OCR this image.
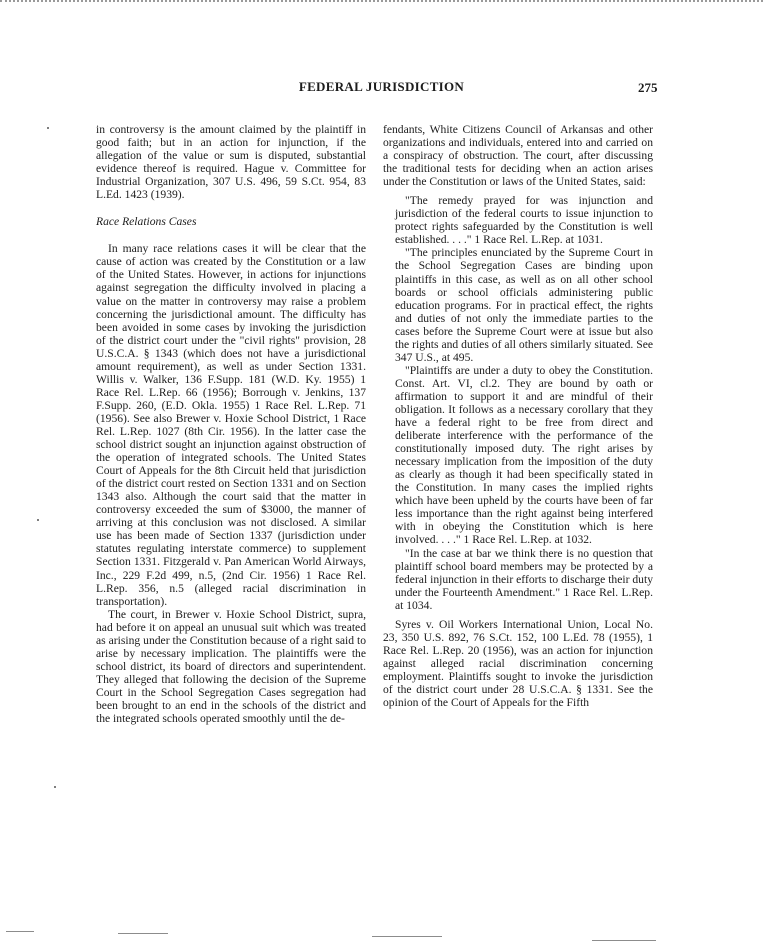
FEDERAL JURISDICTION	275

in controversy is the amount claimed by the plaintiff in good faith; but in an action for injunction, if the allegation of the value or sum is disputed, substantial evidence thereof is required. Hague v. Committee for Industrial Organization, 307 U.S. 496, 59 S.Ct. 954, 83 L.Ed. 1423 (1939).

Race Relations Cases

In many race relations cases it will be clear that the cause of action was created by the Constitution or a law of the United States. However, in actions for injunctions against segregation the difficulty involved in placing a value on the matter in controversy may raise a problem concerning the jurisdictional amount. The difficulty has been avoided in some cases by invoking the jurisdiction of the district court under the "civil rights" provision, 28 U.S.C.A. § 1343 (which does not have a jurisdictional amount requirement), as well as under Section 1331. Willis v. Walker, 136 F.Supp. 181 (W.D. Ky. 1955) 1 Race Rel. L.Rep. 66 (1956); Borrough v. Jenkins, 137 F.Supp. 260, (E.D. Okla. 1955) 1 Race Rel. L.Rep. 71 (1956). See also Brewer v. Hoxie School District, 1 Race Rel. L.Rep. 1027 (8th Cir. 1956). In the latter case the school district sought an injunction against obstruction of the operation of integrated schools. The United States Court of Appeals for the 8th Circuit held that jurisdiction of the district court rested on Section 1331 and on Section 1343 also. Although the court said that the matter in controversy exceeded the sum of $3000, the manner of arriving at this conclusion was not disclosed. A similar use has been made of Section 1337 (jurisdiction under statutes regulating interstate commerce) to supplement Section 1331. Fitzgerald v. Pan American World Airways, Inc., 229 F.2d 499, n.5, (2nd Cir. 1956) 1 Race Rel. L.Rep. 356, n.5 (alleged racial discrimination in transportation).

The court, in Brewer v. Hoxie School District, supra, had before it on appeal an unusual suit which was treated as arising under the Constitution because of a right said to arise by necessary implication. The plaintiffs were the school district, its board of directors and superintendent. They alleged that following the decision of the Supreme Court in the School Segregation Cases segregation had been brought to an end in the schools of the district and the integrated schools operated smoothly until the de-

fendants, White Citizens Council of Arkansas and other organizations and individuals, entered into and carried on a conspiracy of obstruction. The court, after discussing the traditional tests for deciding when an action arises under the Constitution or laws of the United States, said:

"The remedy prayed for was injunction and jurisdiction of the federal courts to issue injunction to protect rights safeguarded by the Constitution is well established. . . ." 1 Race Rel. L.Rep. at 1031.

"The principles enunciated by the Supreme Court in the School Segregation Cases are binding upon plaintiffs in this case, as well as on all other school boards or school officials administering public education programs. For in practical effect, the rights and duties of not only the immediate parties to the cases before the Supreme Court were at issue but also the rights and duties of all others similarly situated. See 347 U.S., at 495.

"Plaintiffs are under a duty to obey the Constitution. Const. Art. VI, cl.2. They are bound by oath or affirmation to support it and are mindful of their obligation. It follows as a necessary corollary that they have a federal right to be free from direct and deliberate interference with the performance of the constitutionally imposed duty. The right arises by necessary implication from the imposition of the duty as clearly as though it had been specifically stated in the Constitution. In many cases the implied rights which have been upheld by the courts have been of far less importance than the right against being interfered with in obeying the Constitution which is here involved. . . ." 1 Race Rel. L.Rep. at 1032.

"In the case at bar we think there is no question that plaintiff school board members may be protected by a federal injunction in their efforts to discharge their duty under the Fourteenth Amendment." 1 Race Rel. L.Rep. at 1034.

Syres v. Oil Workers International Union, Local No. 23, 350 U.S. 892, 76 S.Ct. 152, 100 L.Ed. 78 (1955), 1 Race Rel. L.Rep. 20 (1956), was an action for injunction against alleged racial discrimination concerning employment. Plaintiffs sought to invoke the jurisdiction of the district court under 28 U.S.C.A. § 1331. See the opinion of the Court of Appeals for the Fifth
